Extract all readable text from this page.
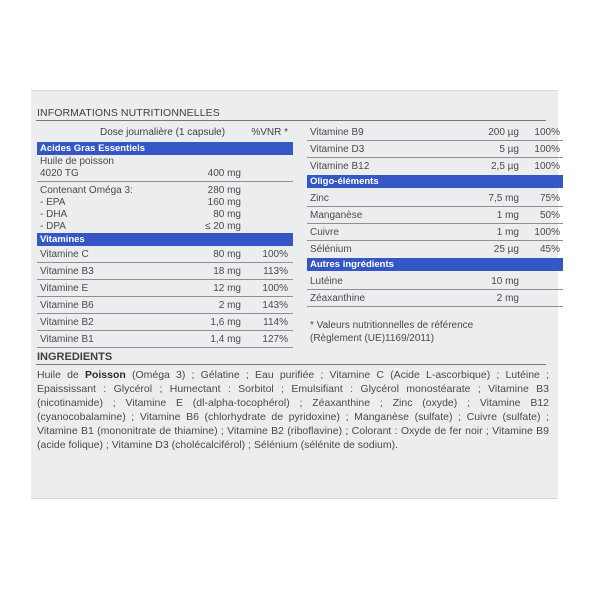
INFORMATIONS NUTRITIONNELLES
Dose journalière (1 capsule)	%VNR *
Acides Gras Essentiels
Huile de poisson
4020 TG	400 mg
Contenant Oméga 3:	280 mg
- EPA	160 mg
- DHA	80 mg
- DPA	≤ 20 mg
Vitamines
Vitamine C	80 mg 100%
Vitamine B3	18 mg 113%
Vitamine E	12 mg 100%
Vitamine B6	2 mg 143%
Vitamine B2	1,6 mg 114%
Vitamine B1	1,4 mg 127%
Vitamine B9	200 µg 100%
Vitamine D3	5 µg 100%
Vitamine B12	2,5 µg 100%
Oligo-éléments
Zinc	7,5 mg 75%
Manganèse	1 mg 50%
Cuivre	1 mg 100%
Sélénium	25 µg 45%
Autres ingrédients
Lutéine	10 mg
Zéaxanthine	2 mg
* Valeurs nutritionnelles de référence
(Règlement (UE)1169/2011)
INGREDIENTS
Huile de Poisson (Oméga 3) ; Gélatine ; Eau purifiée ; Vitamine C (Acide L-ascorbique) ; Lutéine ; Epaississant : Glycérol ; Humectant : Sorbitol ; Emulsifiant : Glycérol monostéarate ; Vitamine B3 (nicotinamide) ; Vitamine E (dl-alpha-tocophérol) ; Zéaxanthine ; Zinc (oxyde) ; Vitamine B12 (cyanocobalamine) ; Vitamine B6 (chlorhydrate de pyridoxine) ; Manganèse (sulfate) ; Cuivre (sulfate) ; Vitamine B1 (mononitrate de thiamine) ; Vitamine B2 (riboflavine) ; Colorant : Oxyde de fer noir ; Vitamine B9 (acide folique) ; Vitamine D3 (cholécalciférol) ; Sélénium (sélénite de sodium).
